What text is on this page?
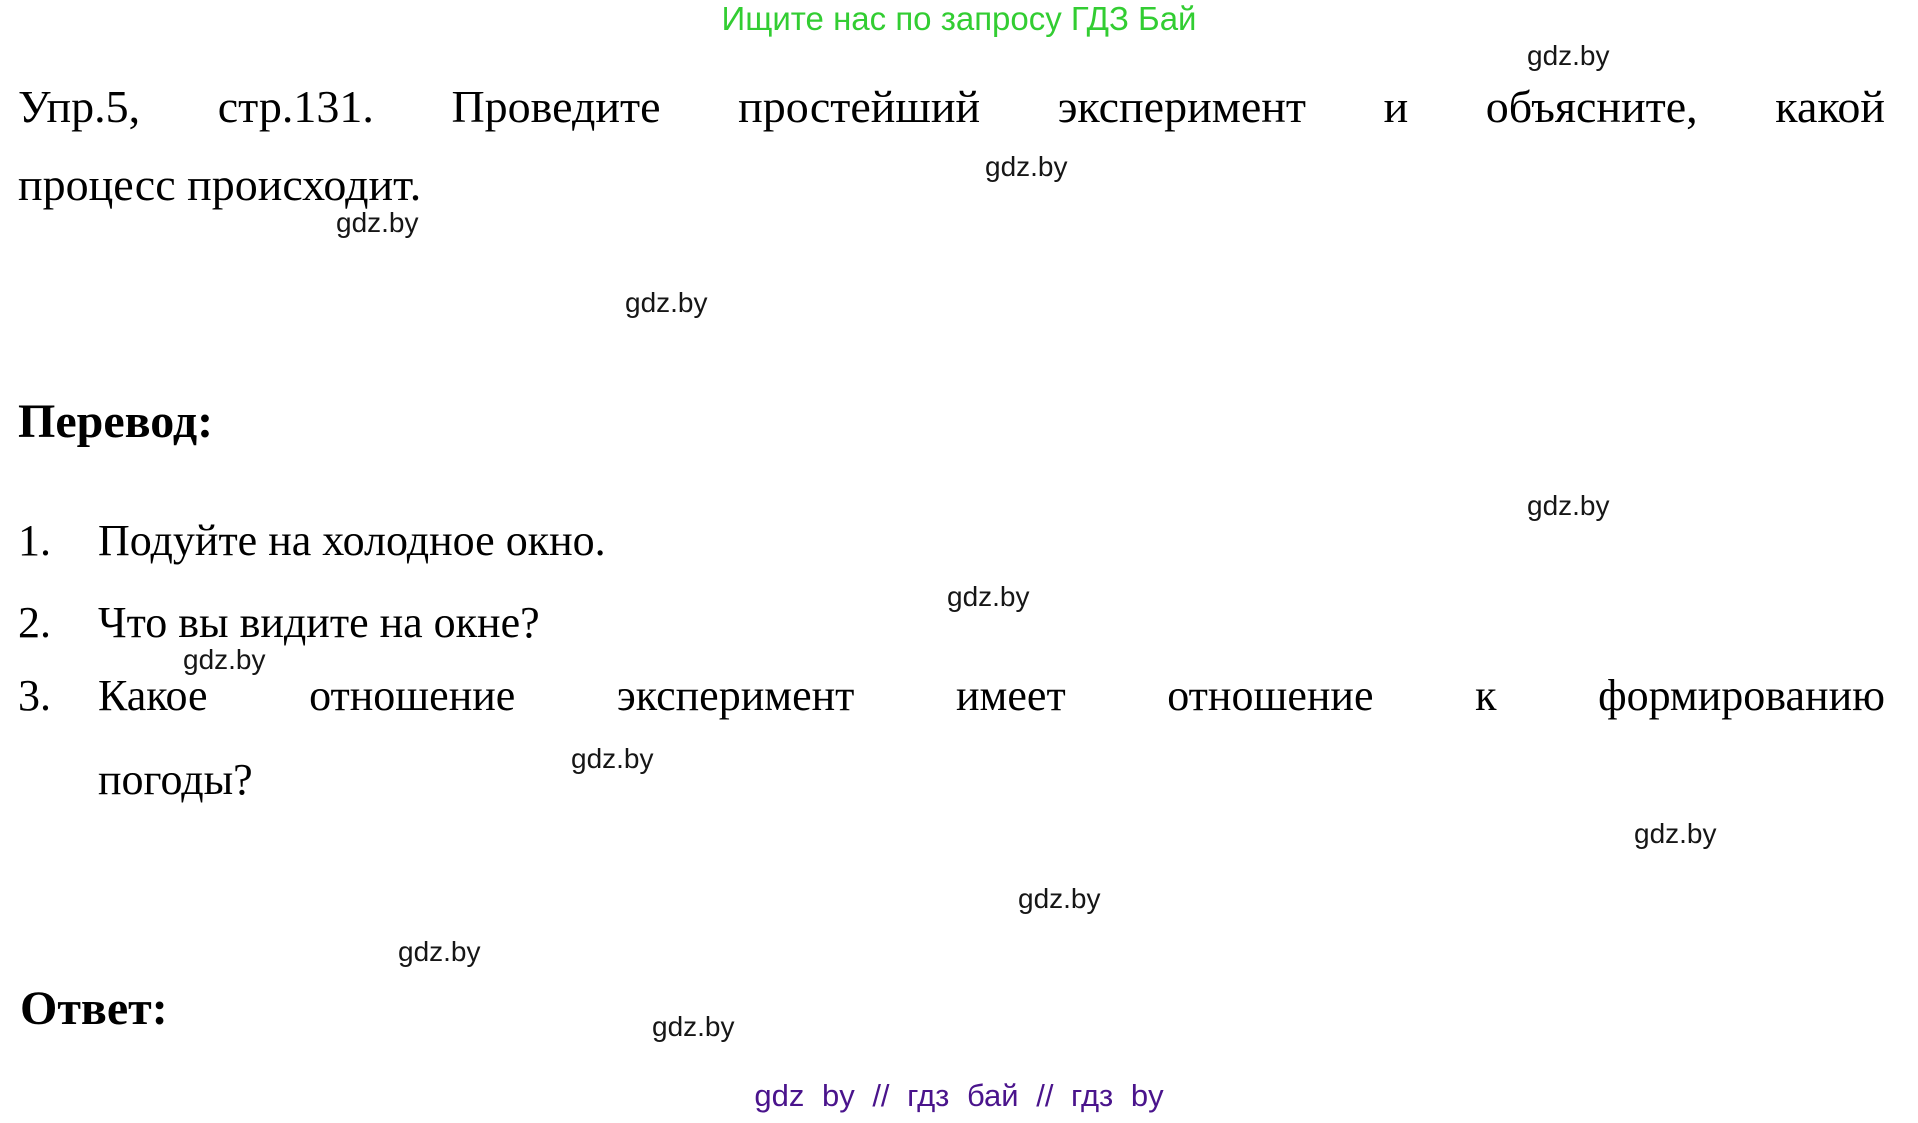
Ищите нас по запросу ГДЗ Бай
gdz.by
gdz.by
gdz.by
gdz.by
gdz.by
gdz.by
gdz.by
gdz.by
gdz.by
gdz.by
gdz.by
gdz.by
Упр.5, стр.131. Проведите простейший эксперимент и объясните, какой
процесс происходит.
Перевод:
1.	Подуйте на холодное окно.
2.	Что вы видите на окне?
3.	Какое отношение эксперимент имеет отношение к формированию
погоды?
Ответ:
gdz by // гдз бай // гдз by
